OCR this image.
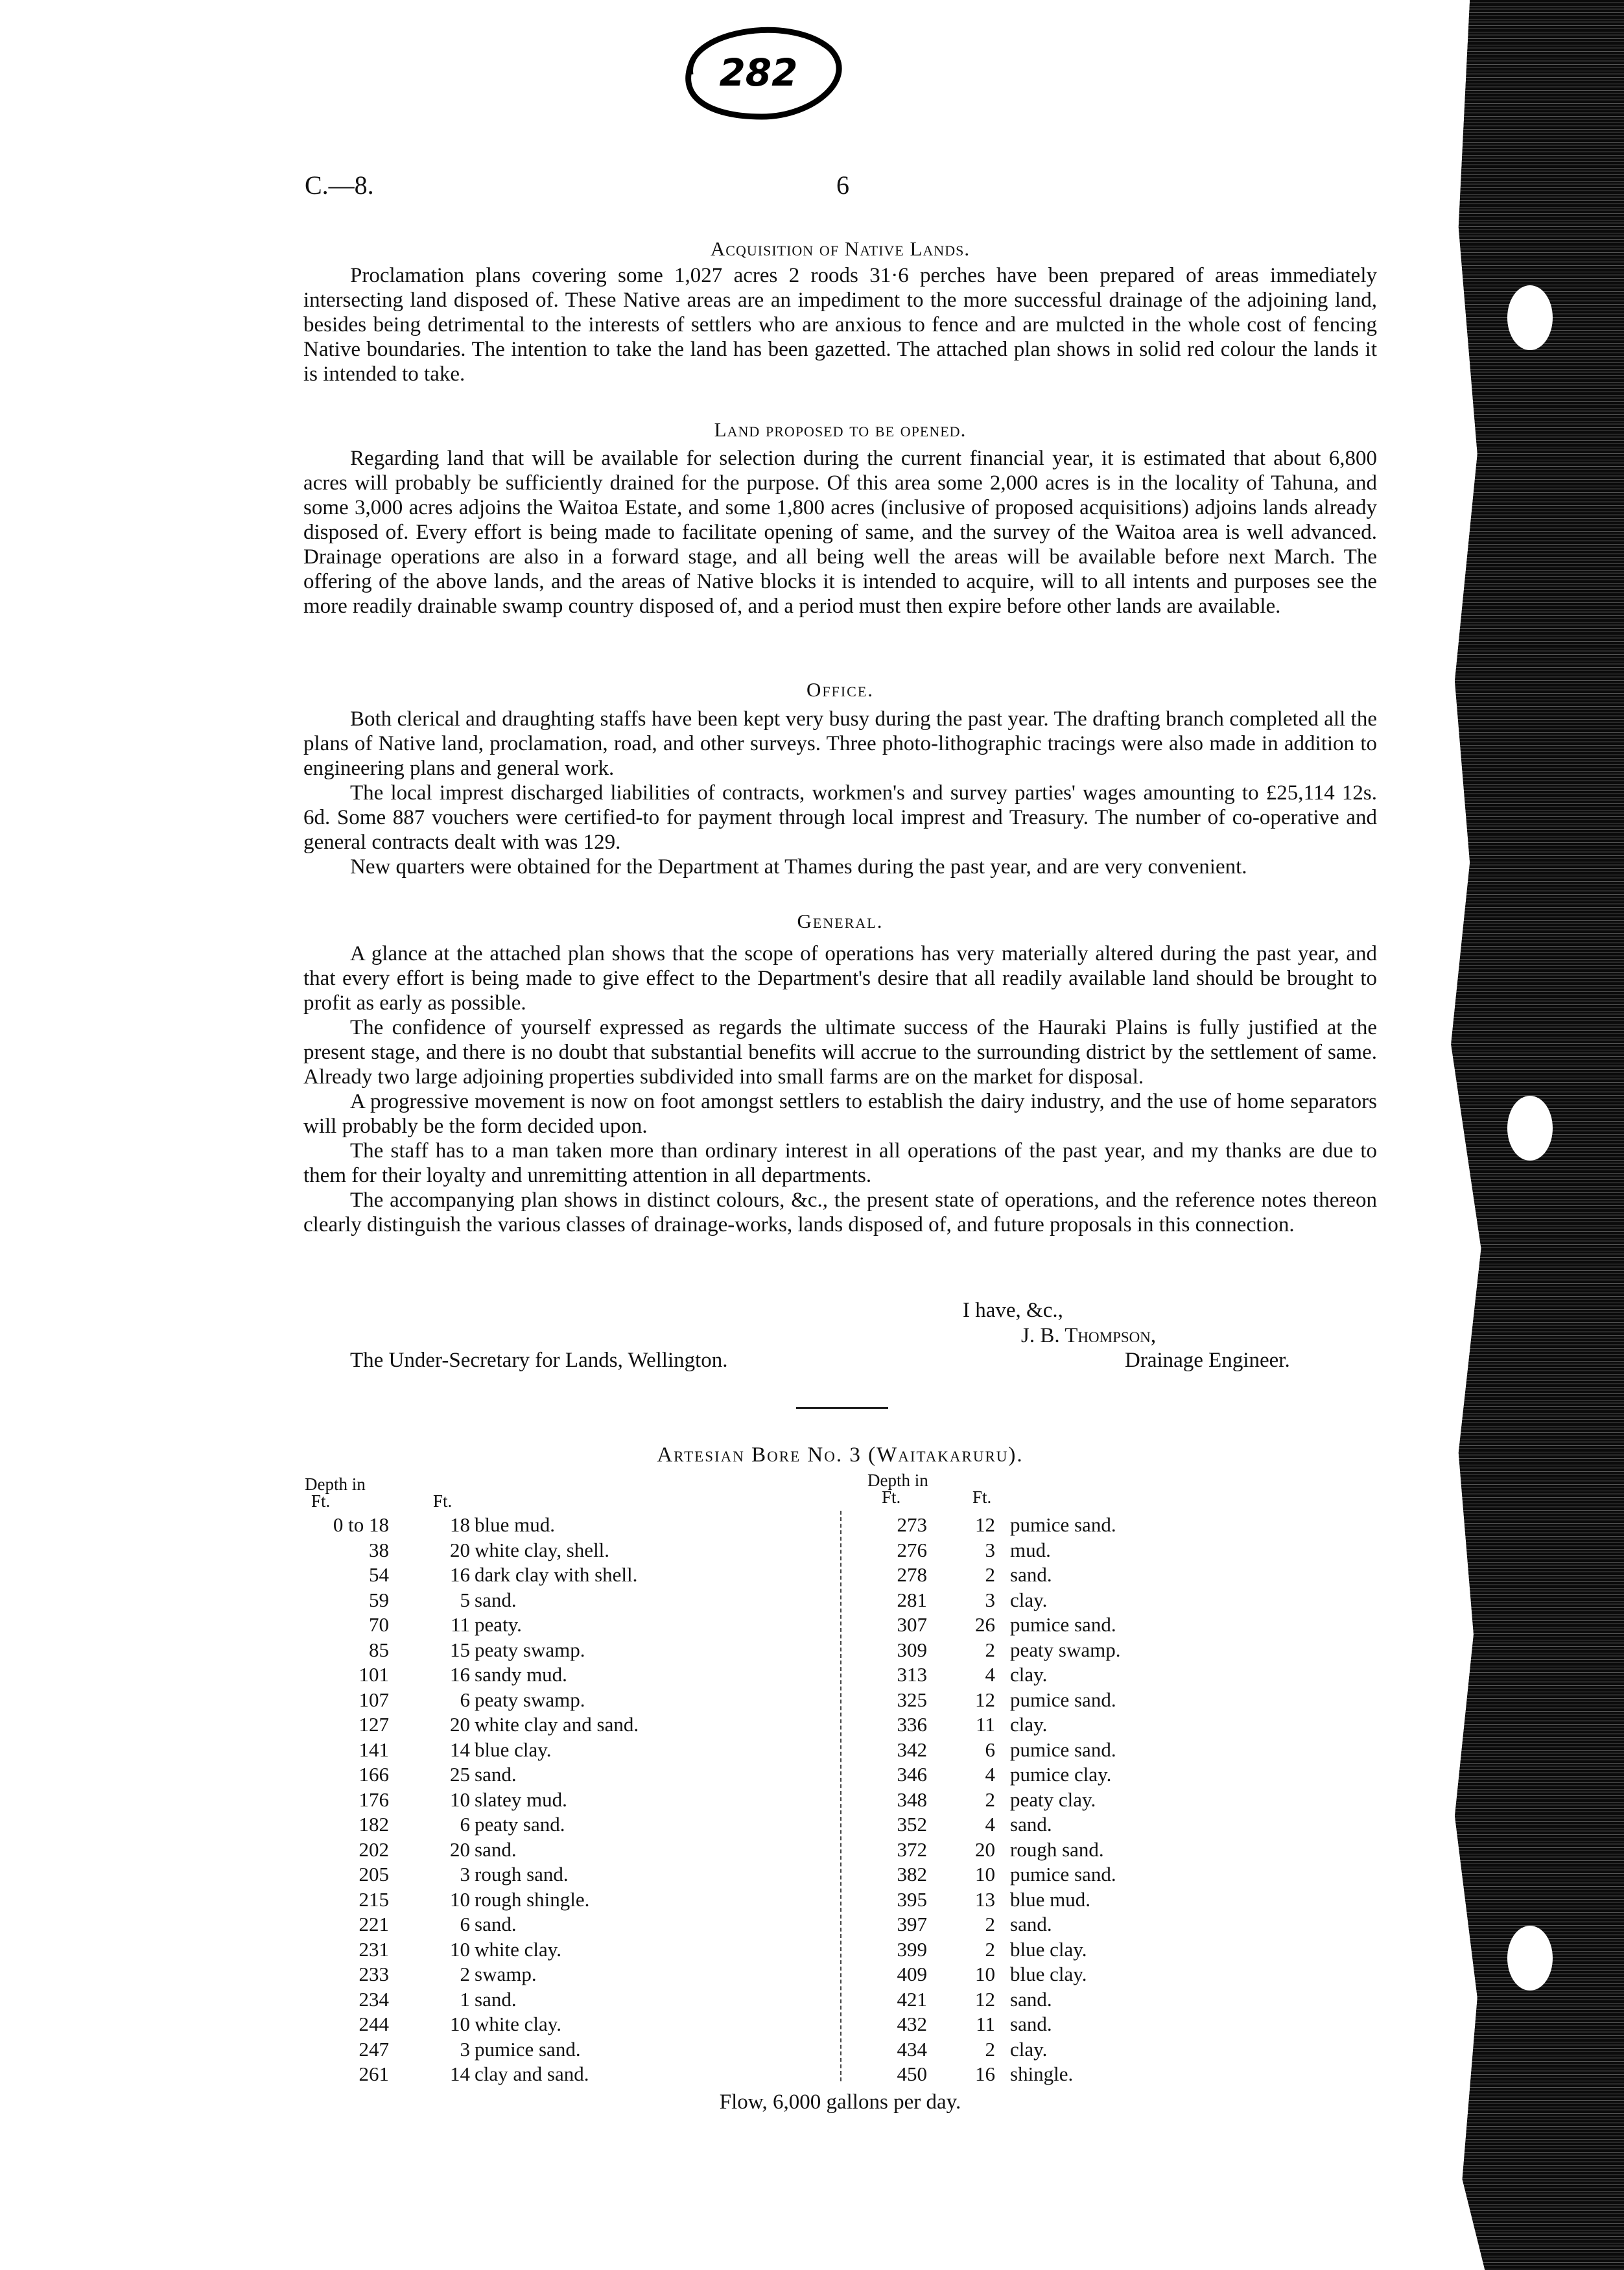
282
C.—8.	6
Acquisition of Native Lands.

Proclamation plans covering some 1,027 acres 2 roods 31·6 perches have been prepared of areas immediately intersecting land disposed of. These Native areas are an impediment to the more successful drainage of the adjoining land, besides being detrimental to the interests of settlers who are anxious to fence and are mulcted in the whole cost of fencing Native boundaries. The intention to take the land has been gazetted. The attached plan shows in solid red colour the lands it is intended to take.

Land proposed to be opened.

Regarding land that will be available for selection during the current financial year, it is estimated that about 6,800 acres will probably be sufficiently drained for the purpose. Of this area some 2,000 acres is in the locality of Tahuna, and some 3,000 acres adjoins the Waitoa Estate, and some 1,800 acres (inclusive of proposed acquisitions) adjoins lands already disposed of. Every effort is being made to facilitate opening of same, and the survey of the Waitoa area is well advanced. Drainage operations are also in a forward stage, and all being well the areas will be available before next March. The offering of the above lands, and the areas of Native blocks it is intended to acquire, will to all intents and purposes see the more readily drainable swamp country disposed of, and a period must then expire before other lands are available.

Office.

Both clerical and draughting staffs have been kept very busy during the past year. The drafting branch completed all the plans of Native land, proclamation, road, and other surveys. Three photo-lithographic tracings were also made in addition to engineering plans and general work.

The local imprest discharged liabilities of contracts, workmen's and survey parties' wages amounting to £25,114 12s. 6d. Some 887 vouchers were certified-to for payment through local imprest and Treasury. The number of co-operative and general contracts dealt with was 129.

New quarters were obtained for the Department at Thames during the past year, and are very convenient.

General.

A glance at the attached plan shows that the scope of operations has very materially altered during the past year, and that every effort is being made to give effect to the Department's desire that all readily available land should be brought to profit as early as possible.

The confidence of yourself expressed as regards the ultimate success of the Hauraki Plains is fully justified at the present stage, and there is no doubt that substantial benefits will accrue to the surrounding district by the settlement of same. Already two large adjoining properties subdivided into small farms are on the market for disposal.

A progressive movement is now on foot amongst settlers to establish the dairy industry, and the use of home separators will probably be the form decided upon.

The staff has to a man taken more than ordinary interest in all operations of the past year, and my thanks are due to them for their loyalty and unremitting attention in all departments.

The accompanying plan shows in distinct colours, &c., the present state of operations, and the reference notes thereon clearly distinguish the various classes of drainage-works, lands disposed of, and future proposals in this connection.

I have, &c.,
J. B. Thompson,
The Under-Secretary for Lands, Wellington.	Drainage Engineer.
Artesian Bore No. 3 (Waitakaruru).
Depth in
Ft.	Ft.
Depth in
Ft.	Ft.
0 to 18	18 blue mud.
38	20 white clay, shell.
54	16 dark clay with shell.
59	5 sand.
70	11 peaty.
85	15 peaty swamp.
101	16 sandy mud.
107	6 peaty swamp.
127	20 white clay and sand.
141	14 blue clay.
166	25 sand.
176	10 slatey mud.
182	6 peaty sand.
202	20 sand.
205	3 rough sand.
215	10 rough shingle.
221	6 sand.
231	10 white clay.
233	2 swamp.
234	1 sand.
244	10 white clay.
247	3 pumice sand.
261	14 clay and sand.
273	12 pumice sand.
276	3 mud.
278	2 sand.
281	3 clay.
307	26 pumice sand.
309	2 peaty swamp.
313	4 clay.
325	12 pumice sand.
336	11 clay.
342	6 pumice sand.
346	4 pumice clay.
348	2 peaty clay.
352	4 sand.
372	20 rough sand.
382	10 pumice sand.
395	13 blue mud.
397	2 sand.
399	2 blue clay.
409	10 blue clay.
421	12 sand.
432	11 sand.
434	2 clay.
450	16 shingle.
Flow, 6,000 gallons per day.
